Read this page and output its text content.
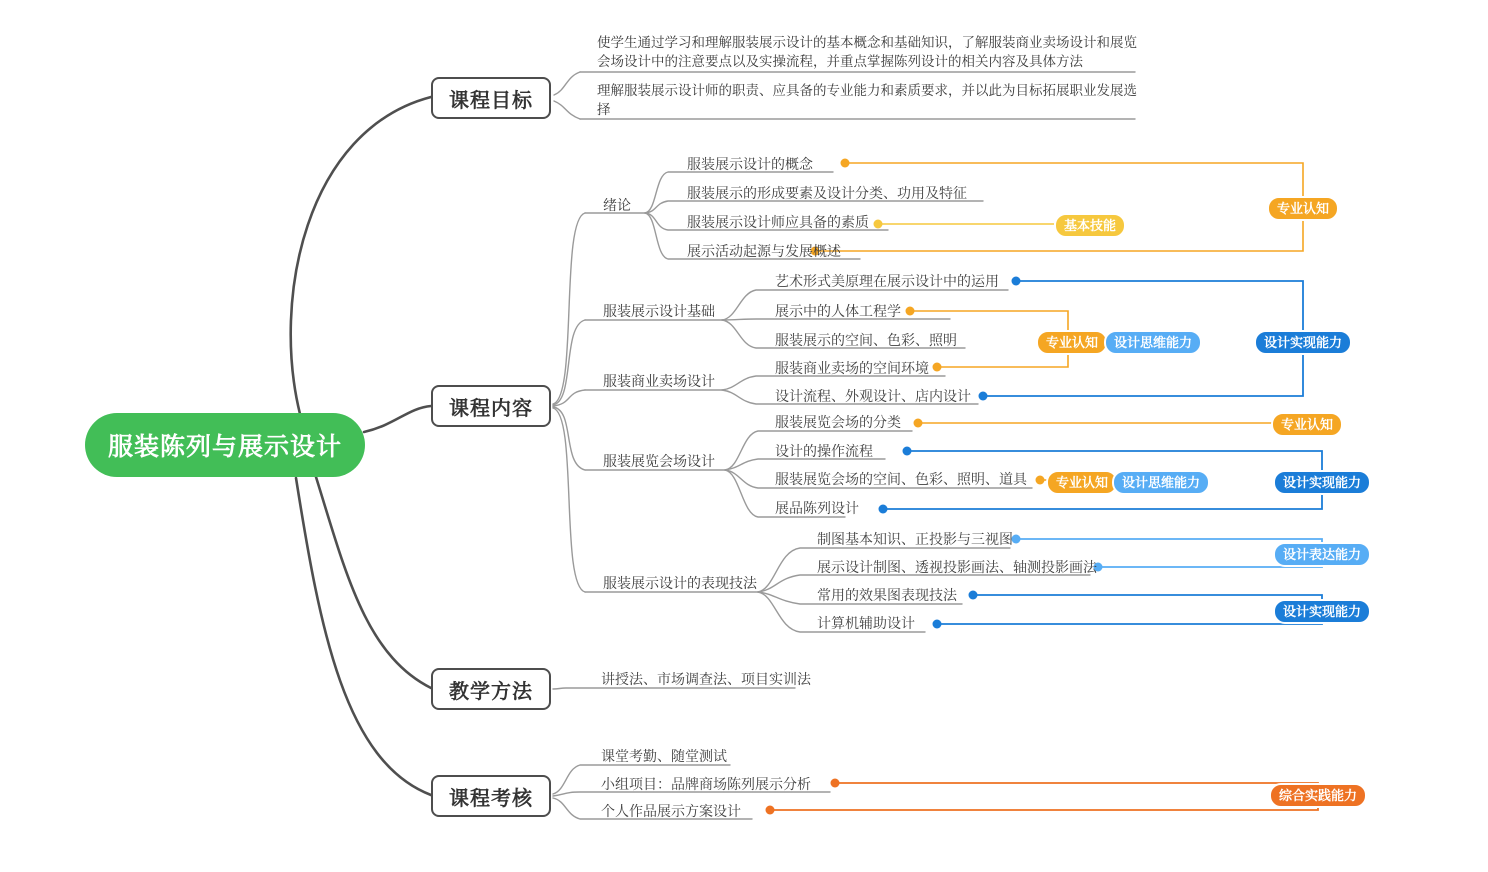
服装陈列与展示设计
课程目标
课程内容
教学方法
课程考核
使学生通过学习和理解服装展示设计的基本概念和基础知识，了解服装商业卖场设计和展览会场设计中的注意要点以及实操流程，并重点掌握陈列设计的相关内容及具体方法
理解服装展示设计师的职责、应具备的专业能力和素质要求，并以此为目标拓展职业发展选择
绪论
服装展示设计基础
服装商业卖场设计
服装展览会场设计
服装展示设计的表现技法
服装展示设计的概念
服装展示的形成要素及设计分类、功用及特征
服装展示设计师应具备的素质
展示活动起源与发展概述
艺术形式美原理在展示设计中的运用
展示中的人体工程学
服装展示的空间、色彩、照明
服装商业卖场的空间环境
设计流程、外观设计、店内设计
服装展览会场的分类
设计的操作流程
服装展览会场的空间、色彩、照明、道具
展品陈列设计
制图基本知识、正投影与三视图
展示设计制图、透视投影画法、轴测投影画法
常用的效果图表现技法
计算机辅助设计
讲授法、市场调查法、项目实训法
课堂考勤、随堂测试
小组项目：品牌商场陈列展示分析
个人作品展示方案设计
专业认知
基本技能
专业认知	设计思维能力	设计实现能力
专业认知
专业认知	设计思维能力	设计实现能力
设计表达能力
设计实现能力
综合实践能力
